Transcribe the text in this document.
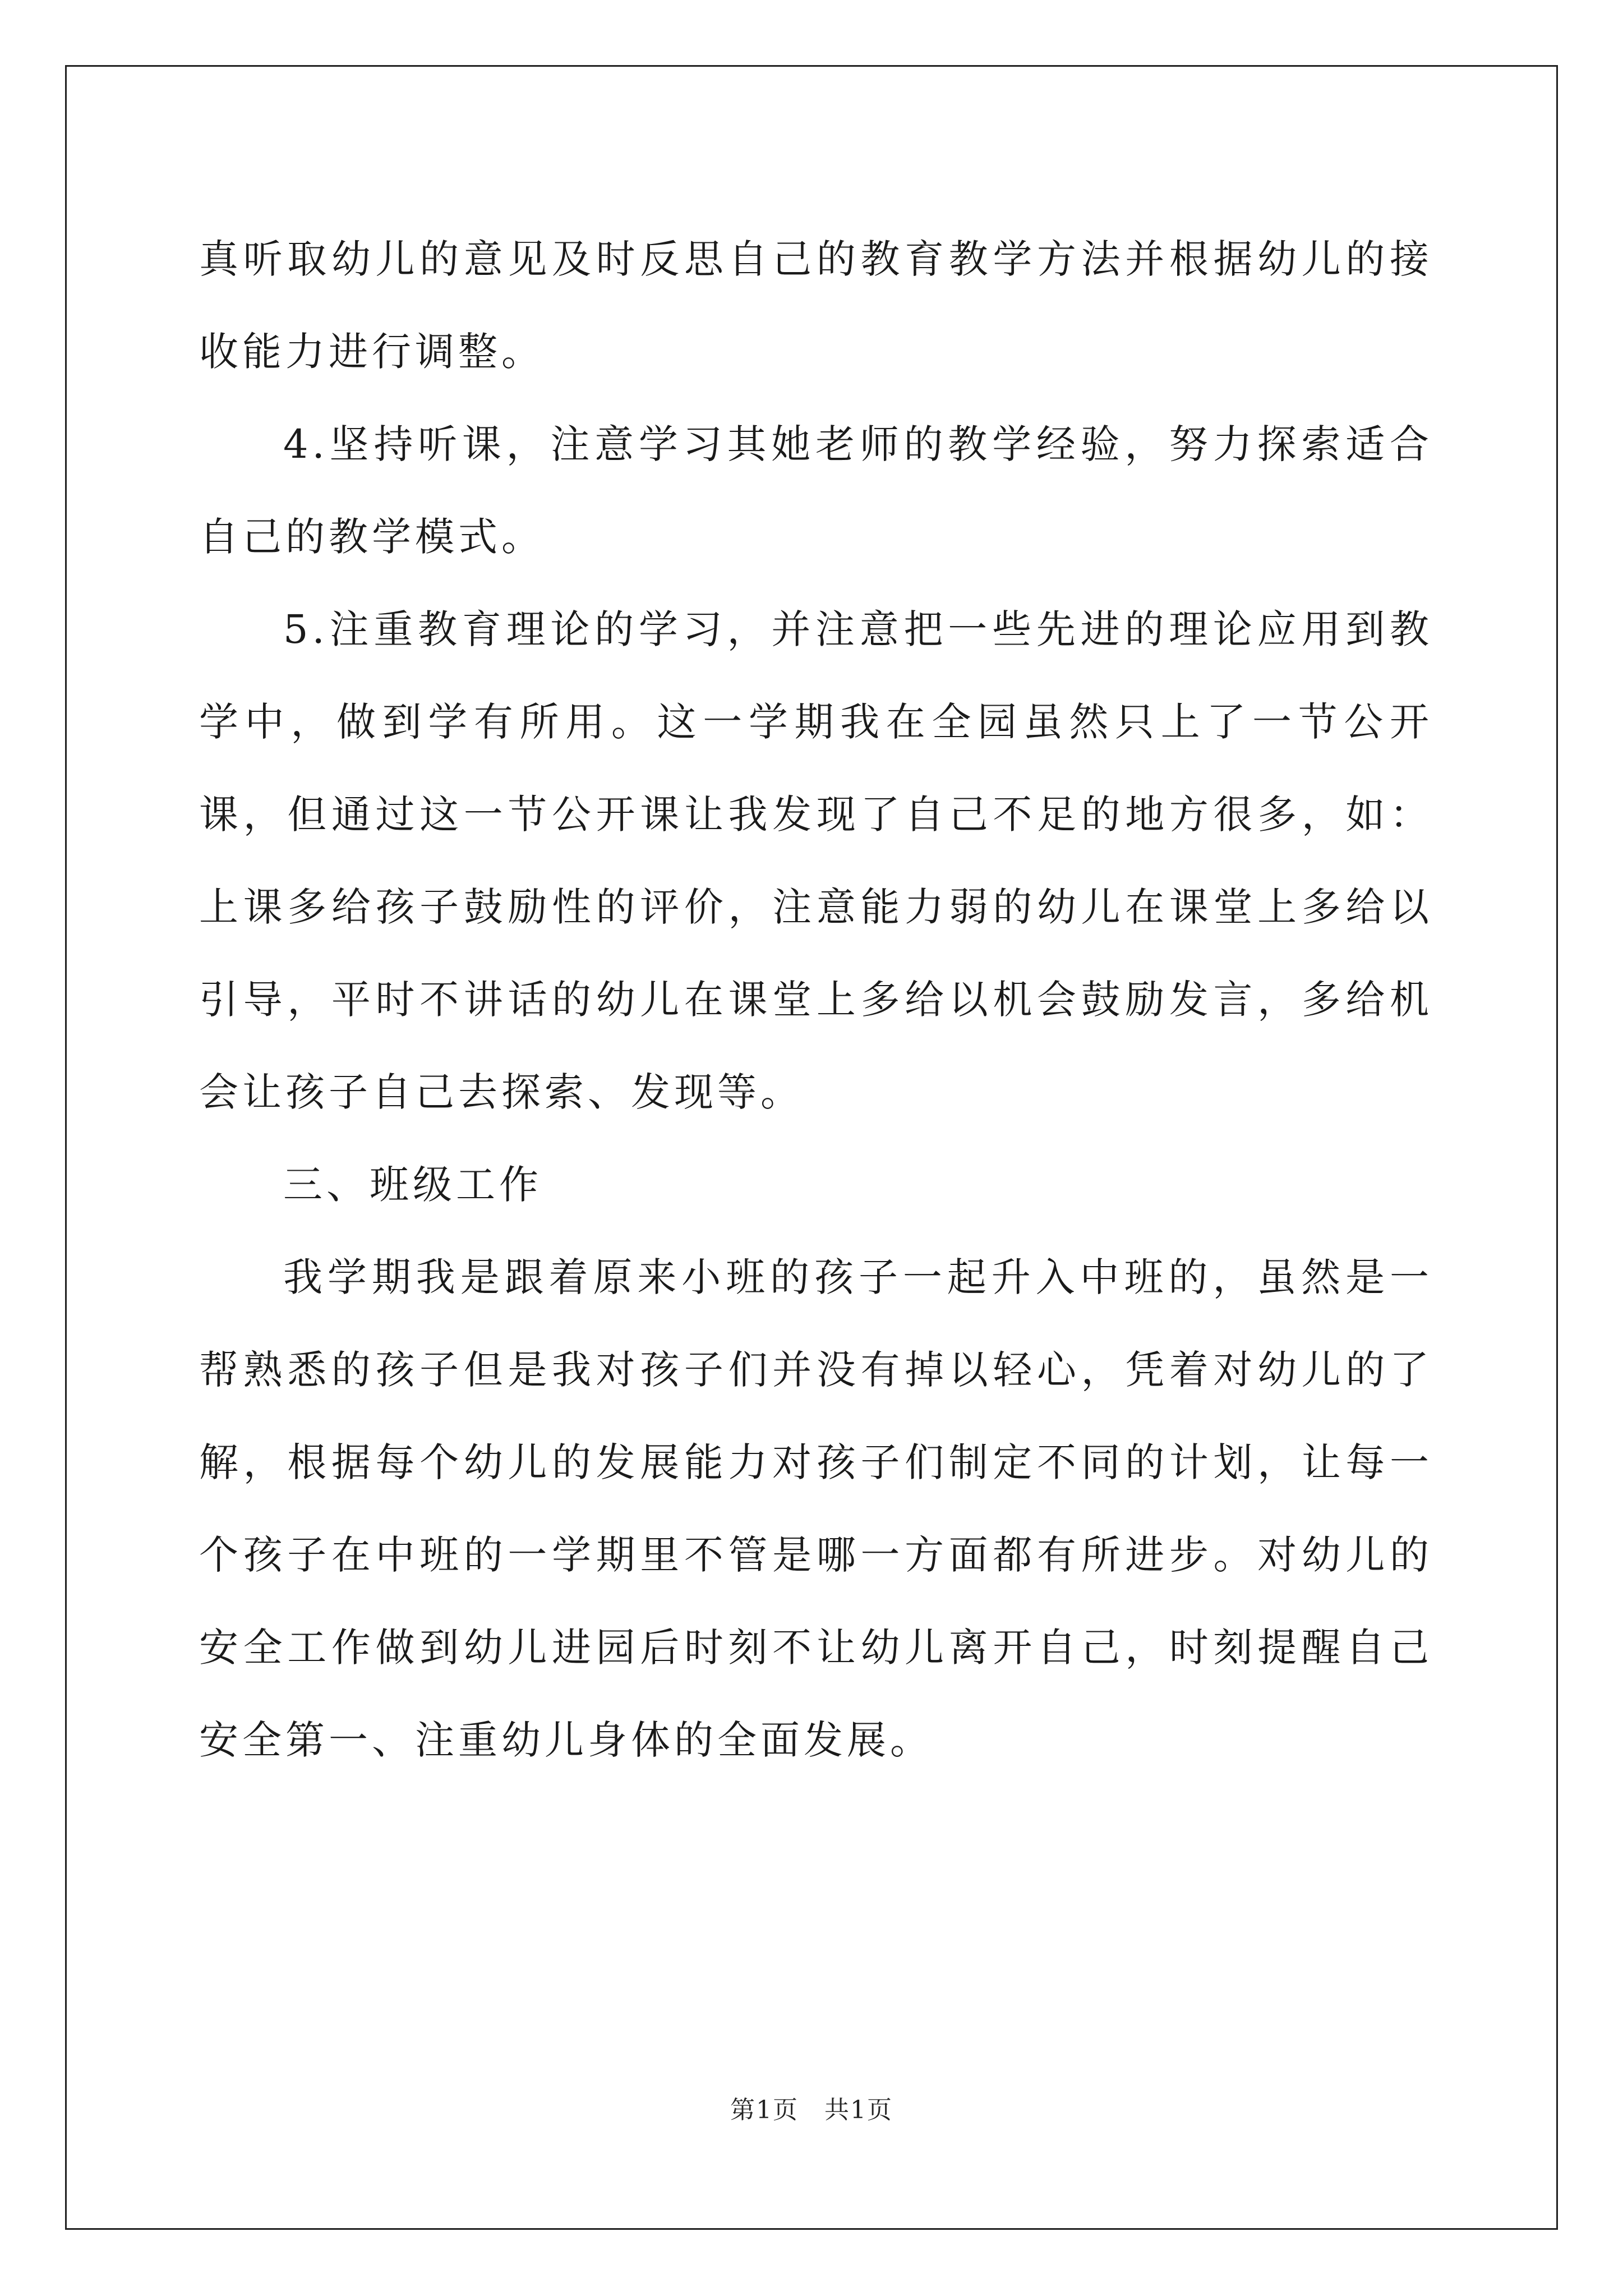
真听取幼儿的意见及时反思自己的教育教学方法并根据幼儿的接收能力进行调整。

4.坚持听课，注意学习其她老师的教学经验，努力探索适合自己的教学模式。

5.注重教育理论的学习，并注意把一些先进的理论应用到教学中，做到学有所用。这一学期我在全园虽然只上了一节公开课，但通过这一节公开课让我发现了自己不足的地方很多，如：上课多给孩子鼓励性的评价，注意能力弱的幼儿在课堂上多给以引导，平时不讲话的幼儿在课堂上多给以机会鼓励发言，多给机会让孩子自己去探索、发现等。

三、班级工作

我学期我是跟着原来小班的孩子一起升入中班的，虽然是一帮熟悉的孩子但是我对孩子们并没有掉以轻心，凭着对幼儿的了解，根据每个幼儿的发展能力对孩子们制定不同的计划，让每一个孩子在中班的一学期里不管是哪一方面都有所进步。对幼儿的安全工作做到幼儿进园后时刻不让幼儿离开自己，时刻提醒自己安全第一、注重幼儿身体的全面发展。

第1页　共1页
